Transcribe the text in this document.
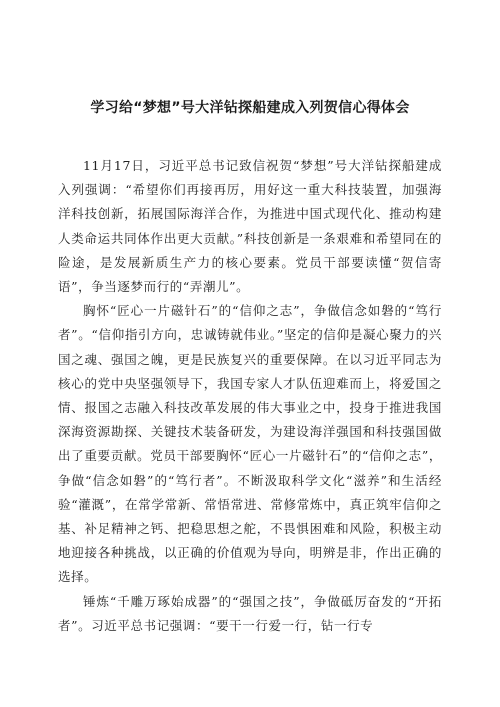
学习给“梦想”号大洋钻探船建成入列贺信心得体会

11月17日，习近平总书记致信祝贺“梦想”号大洋钻探船建成入列强调：“希望你们再接再厉，用好这一重大科技装置，加强海洋科技创新，拓展国际海洋合作，为推进中国式现代化、推动构建人类命运共同体作出更大贡献。”科技创新是一条艰难和希望同在的险途，是发展新质生产力的核心要素。党员干部要读懂“贺信寄语”，争当逐梦而行的“弄潮儿”。

胸怀“匠心一片磁针石”的“信仰之志”，争做信念如磐的“笃行者”。“信仰指引方向，忠诚铸就伟业。”坚定的信仰是凝心聚力的兴国之魂、强国之魄，更是民族复兴的重要保障。在以习近平同志为核心的党中央坚强领导下，我国专家人才队伍迎难而上，将爱国之情、报国之志融入科技改革发展的伟大事业之中，投身于推进我国深海资源勘探、关键技术装备研发，为建设海洋强国和科技强国做出了重要贡献。党员干部要胸怀“匠心一片磁针石”的“信仰之志”，争做“信念如磐”的“笃行者”。不断汲取科学文化“滋养”和生活经验“灌溉”，在常学常新、常悟常进、常修常炼中，真正筑牢信仰之基、补足精神之钙、把稳思想之舵，不畏惧困难和风险，积极主动地迎接各种挑战，以正确的价值观为导向，明辨是非，作出正确的选择。

锤炼“千雕万琢始成器”的“强国之技”，争做砥厉奋发的“开拓者”。习近平总书记强调：“要干一行爱一行，钻一行专
